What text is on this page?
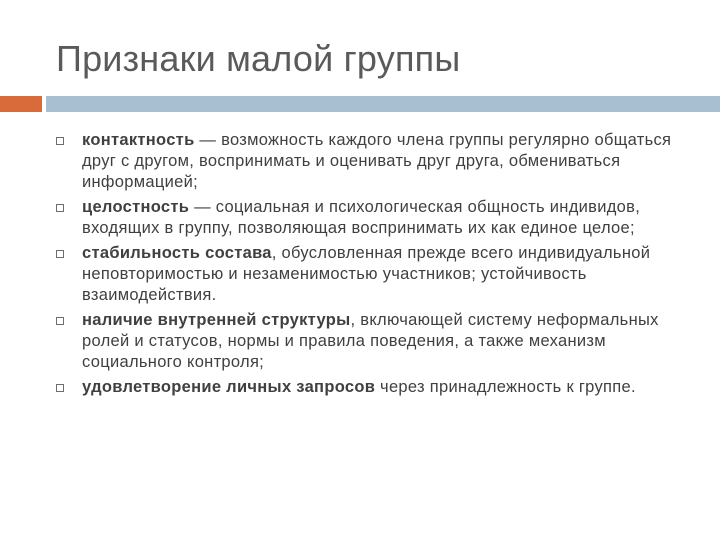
Признаки малой группы
контактность — возможность каждого члена группы регулярно общаться друг с другом, воспринимать и оценивать друг друга, обмениваться информацией;
целостность — социальная и психологическая общность индивидов, входящих в группу, позволяющая воспринимать их как единое целое;
стабильность состава, обусловленная прежде всего индивидуальной неповторимостью и незаменимостью участников; устойчивость взаимодействия.
наличие внутренней структуры, включающей систему неформальных ролей и статусов, нормы и правила поведения, а также механизм социального контроля;
удовлетворение личных запросов через принадлежность к группе.
